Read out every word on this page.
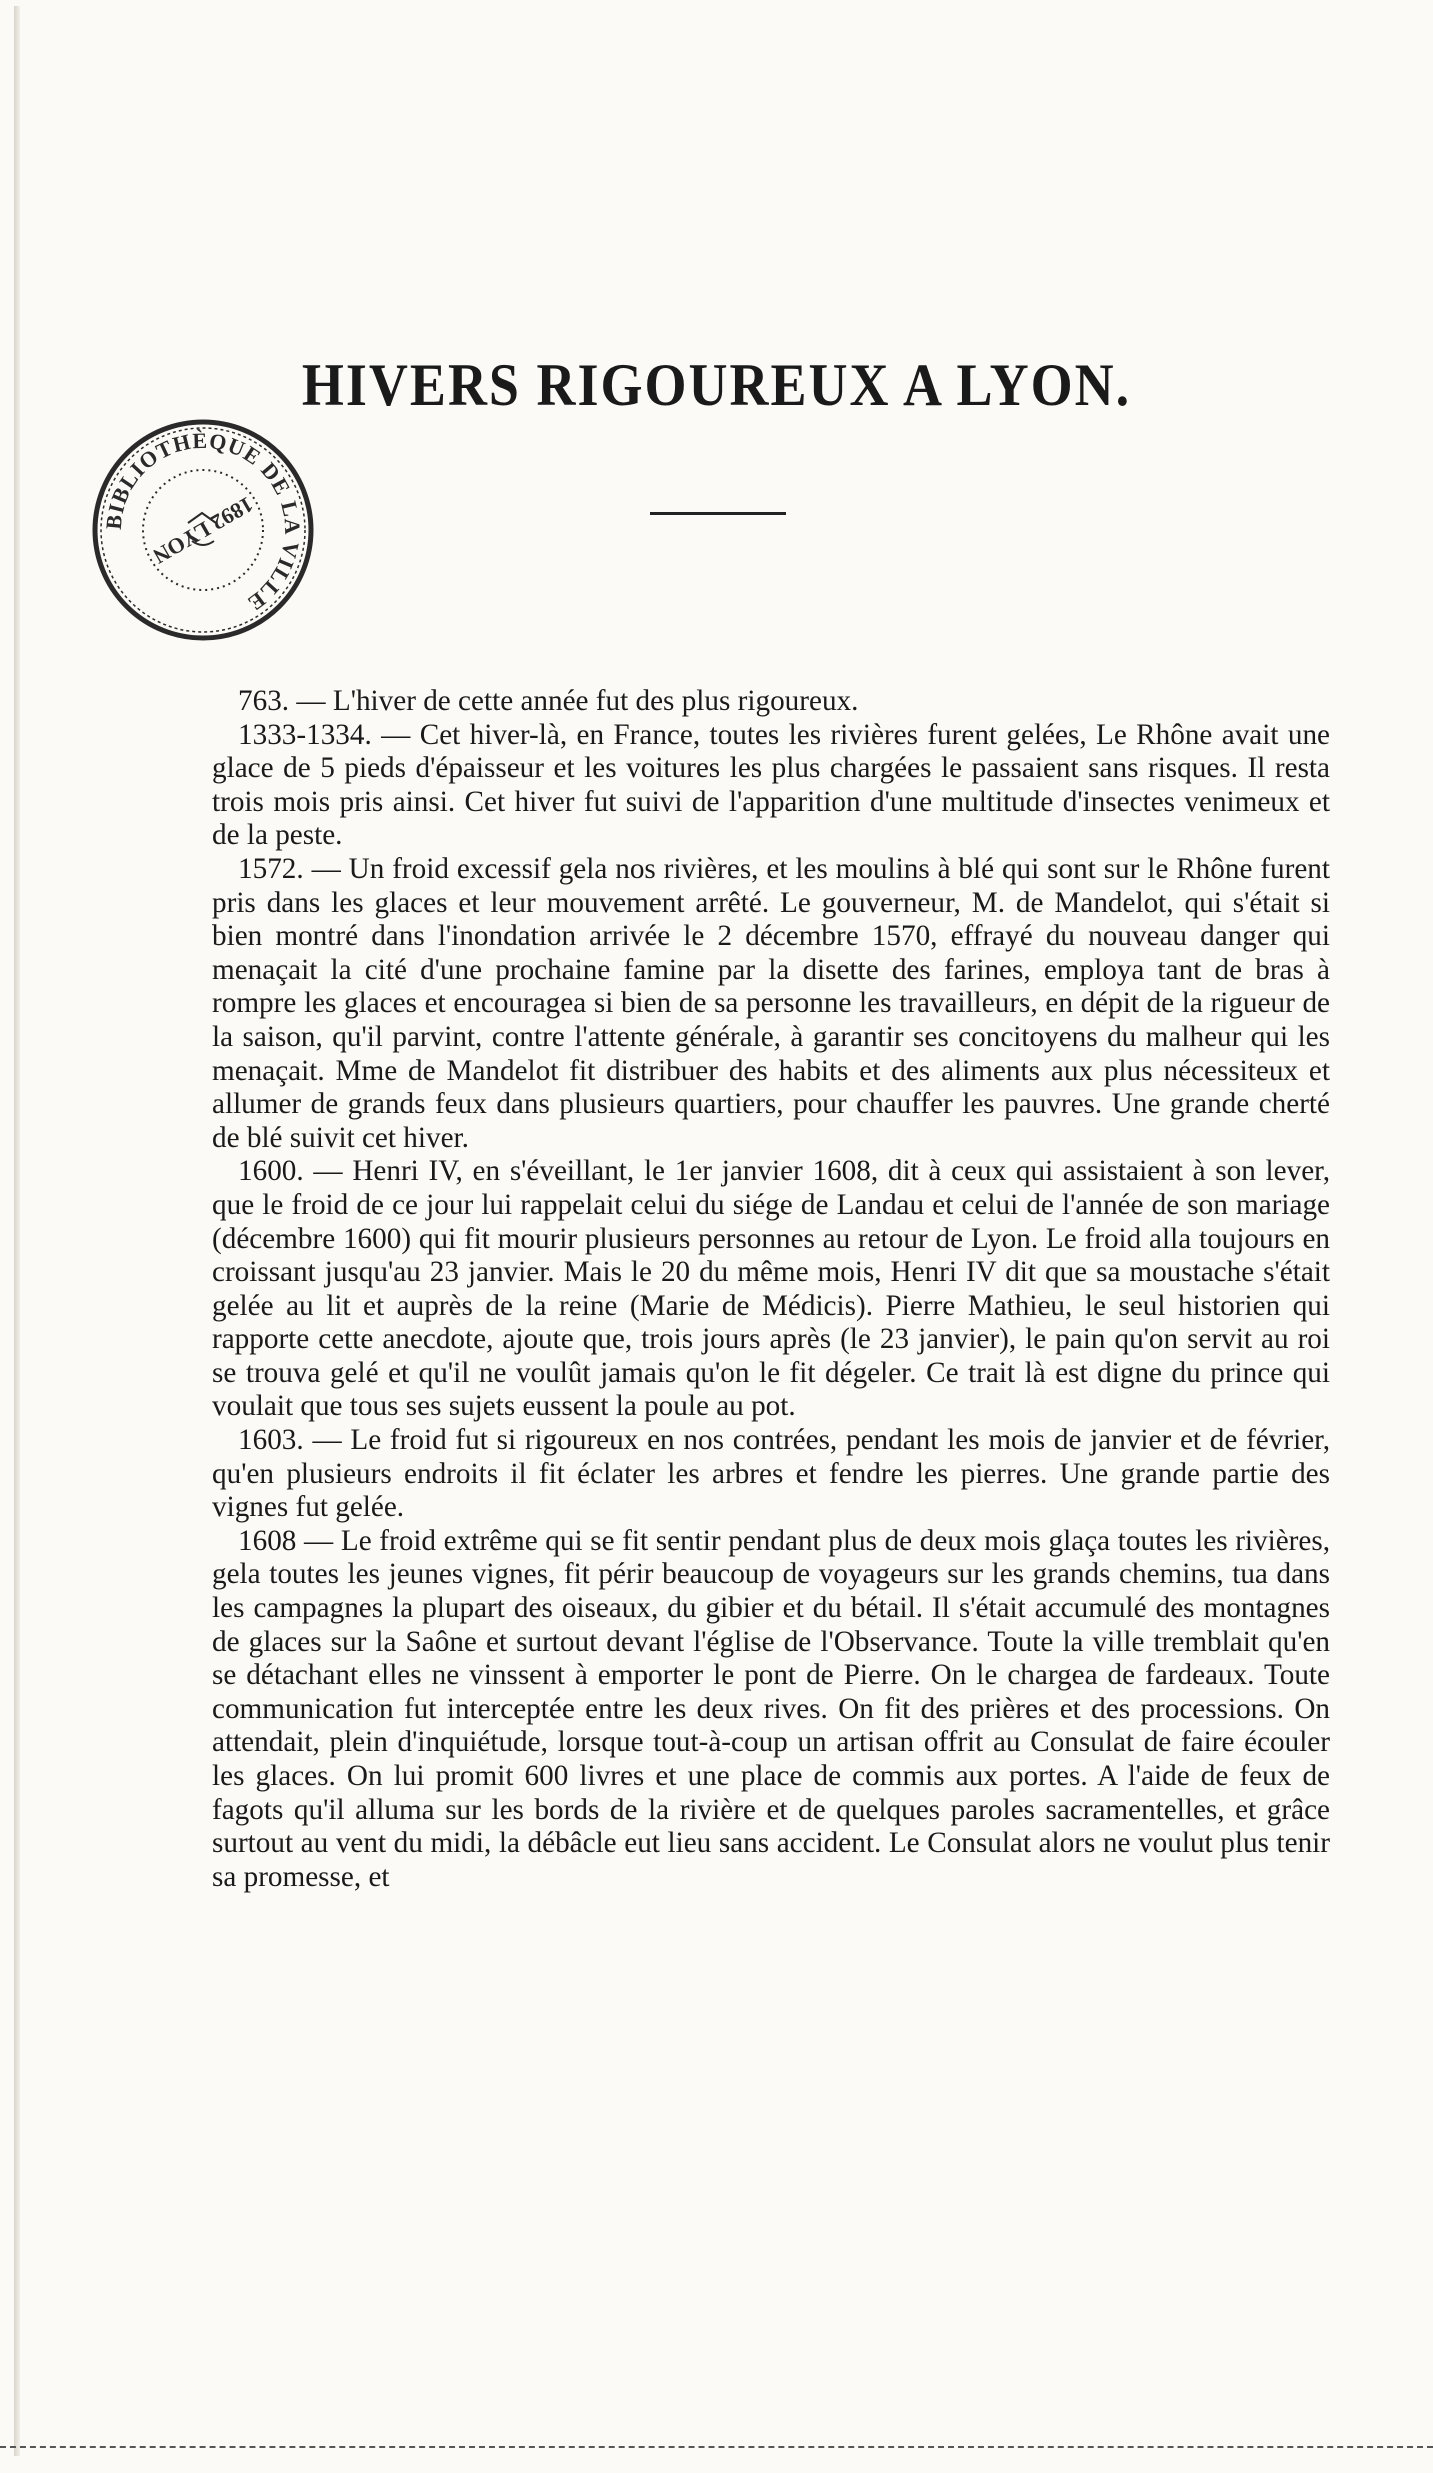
BIBLIOTHÈQUE DE LA VILLE
1892 LYON
HIVERS RIGOUREUX A LYON.

763. — L'hiver de cette année fut des plus rigoureux.

1333-1334. — Cet hiver-là, en France, toutes les rivières furent gelées, Le Rhône avait une glace de 5 pieds d'épaisseur et les voitures les plus chargées le passaient sans risques. Il resta trois mois pris ainsi. Cet hiver fut suivi de l'apparition d'une multitude d'insectes venimeux et de la peste.

1572. — Un froid excessif gela nos rivières, et les moulins à blé qui sont sur le Rhône furent pris dans les glaces et leur mouvement arrêté. Le gouverneur, M. de Mandelot, qui s'était si bien montré dans l'inondation arrivée le 2 décembre 1570, effrayé du nouveau danger qui menaçait la cité d'une prochaine famine par la disette des farines, employa tant de bras à rompre les glaces et encouragea si bien de sa personne les travailleurs, en dépit de la rigueur de la saison, qu'il parvint, contre l'attente générale, à garantir ses concitoyens du malheur qui les menaçait. Mme de Mandelot fit distribuer des habits et des aliments aux plus nécessiteux et allumer de grands feux dans plusieurs quartiers, pour chauffer les pauvres. Une grande cherté de blé suivit cet hiver.

1600. — Henri IV, en s'éveillant, le 1er janvier 1608, dit à ceux qui assistaient à son lever, que le froid de ce jour lui rappelait celui du siége de Landau et celui de l'année de son mariage (décembre 1600) qui fit mourir plusieurs personnes au retour de Lyon. Le froid alla toujours en croissant jusqu'au 23 janvier. Mais le 20 du même mois, Henri IV dit que sa moustache s'était gelée au lit et auprès de la reine (Marie de Médicis). Pierre Mathieu, le seul historien qui rapporte cette anecdote, ajoute que, trois jours après (le 23 janvier), le pain qu'on servit au roi se trouva gelé et qu'il ne voulût jamais qu'on le fit dégeler. Ce trait là est digne du prince qui voulait que tous ses sujets eussent la poule au pot.

1603. — Le froid fut si rigoureux en nos contrées, pendant les mois de janvier et de février, qu'en plusieurs endroits il fit éclater les arbres et fendre les pierres. Une grande partie des vignes fut gelée.

1608 — Le froid extrême qui se fit sentir pendant plus de deux mois glaça toutes les rivières, gela toutes les jeunes vignes, fit périr beaucoup de voyageurs sur les grands chemins, tua dans les campagnes la plupart des oiseaux, du gibier et du bétail. Il s'était accumulé des montagnes de glaces sur la Saône et surtout devant l'église de l'Observance. Toute la ville tremblait qu'en se détachant elles ne vinssent à emporter le pont de Pierre. On le chargea de fardeaux. Toute communication fut interceptée entre les deux rives. On fit des prières et des processions. On attendait, plein d'inquiétude, lorsque tout-à-coup un artisan offrit au Consulat de faire écouler les glaces. On lui promit 600 livres et une place de commis aux portes. A l'aide de feux de fagots qu'il alluma sur les bords de la rivière et de quelques paroles sacramentelles, et grâce surtout au vent du midi, la débâcle eut lieu sans accident. Le Consulat alors ne voulut plus tenir sa promesse, et
